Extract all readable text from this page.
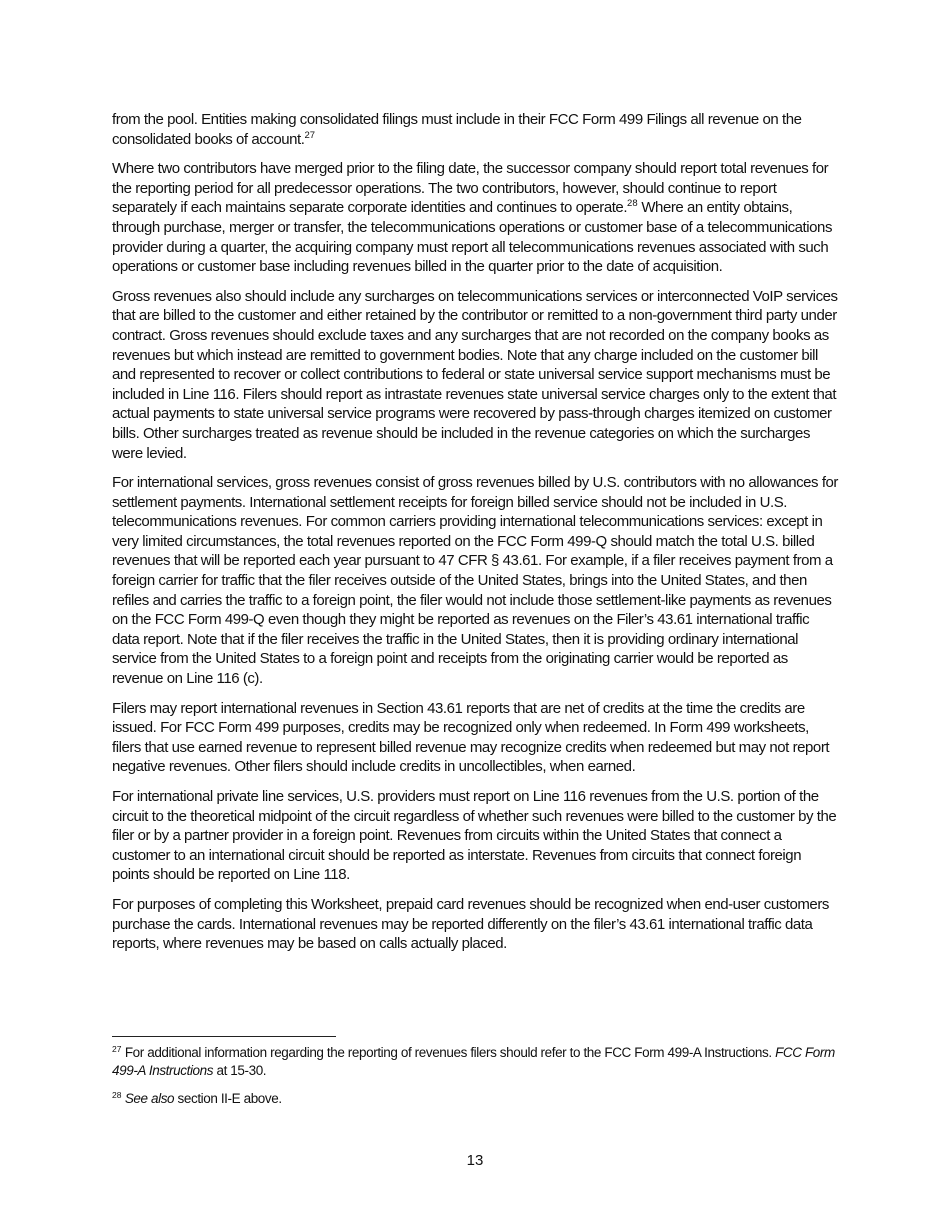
from the pool. Entities making consolidated filings must include in their FCC Form 499 Filings all revenue on the consolidated books of account.$^{27}$

Where two contributors have merged prior to the filing date, the successor company should report total revenues for the reporting period for all predecessor operations. The two contributors, however, should continue to report separately if each maintains separate corporate identities and continues to operate.$^{28}$ Where an entity obtains, through purchase, merger or transfer, the telecommunications operations or customer base of a telecommunications provider during a quarter, the acquiring company must report all telecommunications revenues associated with such operations or customer base including revenues billed in the quarter prior to the date of acquisition.

Gross revenues also should include any surcharges on telecommunications services or interconnected VoIP services that are billed to the customer and either retained by the contributor or remitted to a non-government third party under contract. Gross revenues should exclude taxes and any surcharges that are not recorded on the company books as revenues but which instead are remitted to government bodies. Note that any charge included on the customer bill and represented to recover or collect contributions to federal or state universal service support mechanisms must be included in Line 116. Filers should report as intrastate revenues state universal service charges only to the extent that actual payments to state universal service programs were recovered by pass-through charges itemized on customer bills. Other surcharges treated as revenue should be included in the revenue categories on which the surcharges were levied.

For international services, gross revenues consist of gross revenues billed by U.S. contributors with no allowances for settlement payments. International settlement receipts for foreign billed service should not be included in U.S. telecommunications revenues. For common carriers providing international telecommunications services: except in very limited circumstances, the total revenues reported on the FCC Form 499-Q should match the total U.S. billed revenues that will be reported each year pursuant to 47 CFR § 43.61. For example, if a filer receives payment from a foreign carrier for traffic that the filer receives outside of the United States, brings into the United States, and then refiles and carries the traffic to a foreign point, the filer would not include those settlement-like payments as revenues on the FCC Form 499-Q even though they might be reported as revenues on the Filer’s 43.61 international traffic data report. Note that if the filer receives the traffic in the United States, then it is providing ordinary international service from the United States to a foreign point and receipts from the originating carrier would be reported as revenue on Line 116 (c).

Filers may report international revenues in Section 43.61 reports that are net of credits at the time the credits are issued. For FCC Form 499 purposes, credits may be recognized only when redeemed. In Form 499 worksheets, filers that use earned revenue to represent billed revenue may recognize credits when redeemed but may not report negative revenues. Other filers should include credits in uncollectibles, when earned.

For international private line services, U.S. providers must report on Line 116 revenues from the U.S. portion of the circuit to the theoretical midpoint of the circuit regardless of whether such revenues were billed to the customer by the filer or by a partner provider in a foreign point. Revenues from circuits within the United States that connect a customer to an international circuit should be reported as interstate. Revenues from circuits that connect foreign points should be reported on Line 118.

For purposes of completing this Worksheet, prepaid card revenues should be recognized when end-user customers purchase the cards. International revenues may be reported differently on the filer’s 43.61 international traffic data reports, where revenues may be based on calls actually placed.

$^{27}$ For additional information regarding the reporting of revenues filers should refer to the FCC Form 499-A Instructions. FCC Form 499-A Instructions at 15-30.

$^{28}$ See also section II-E above.

13
